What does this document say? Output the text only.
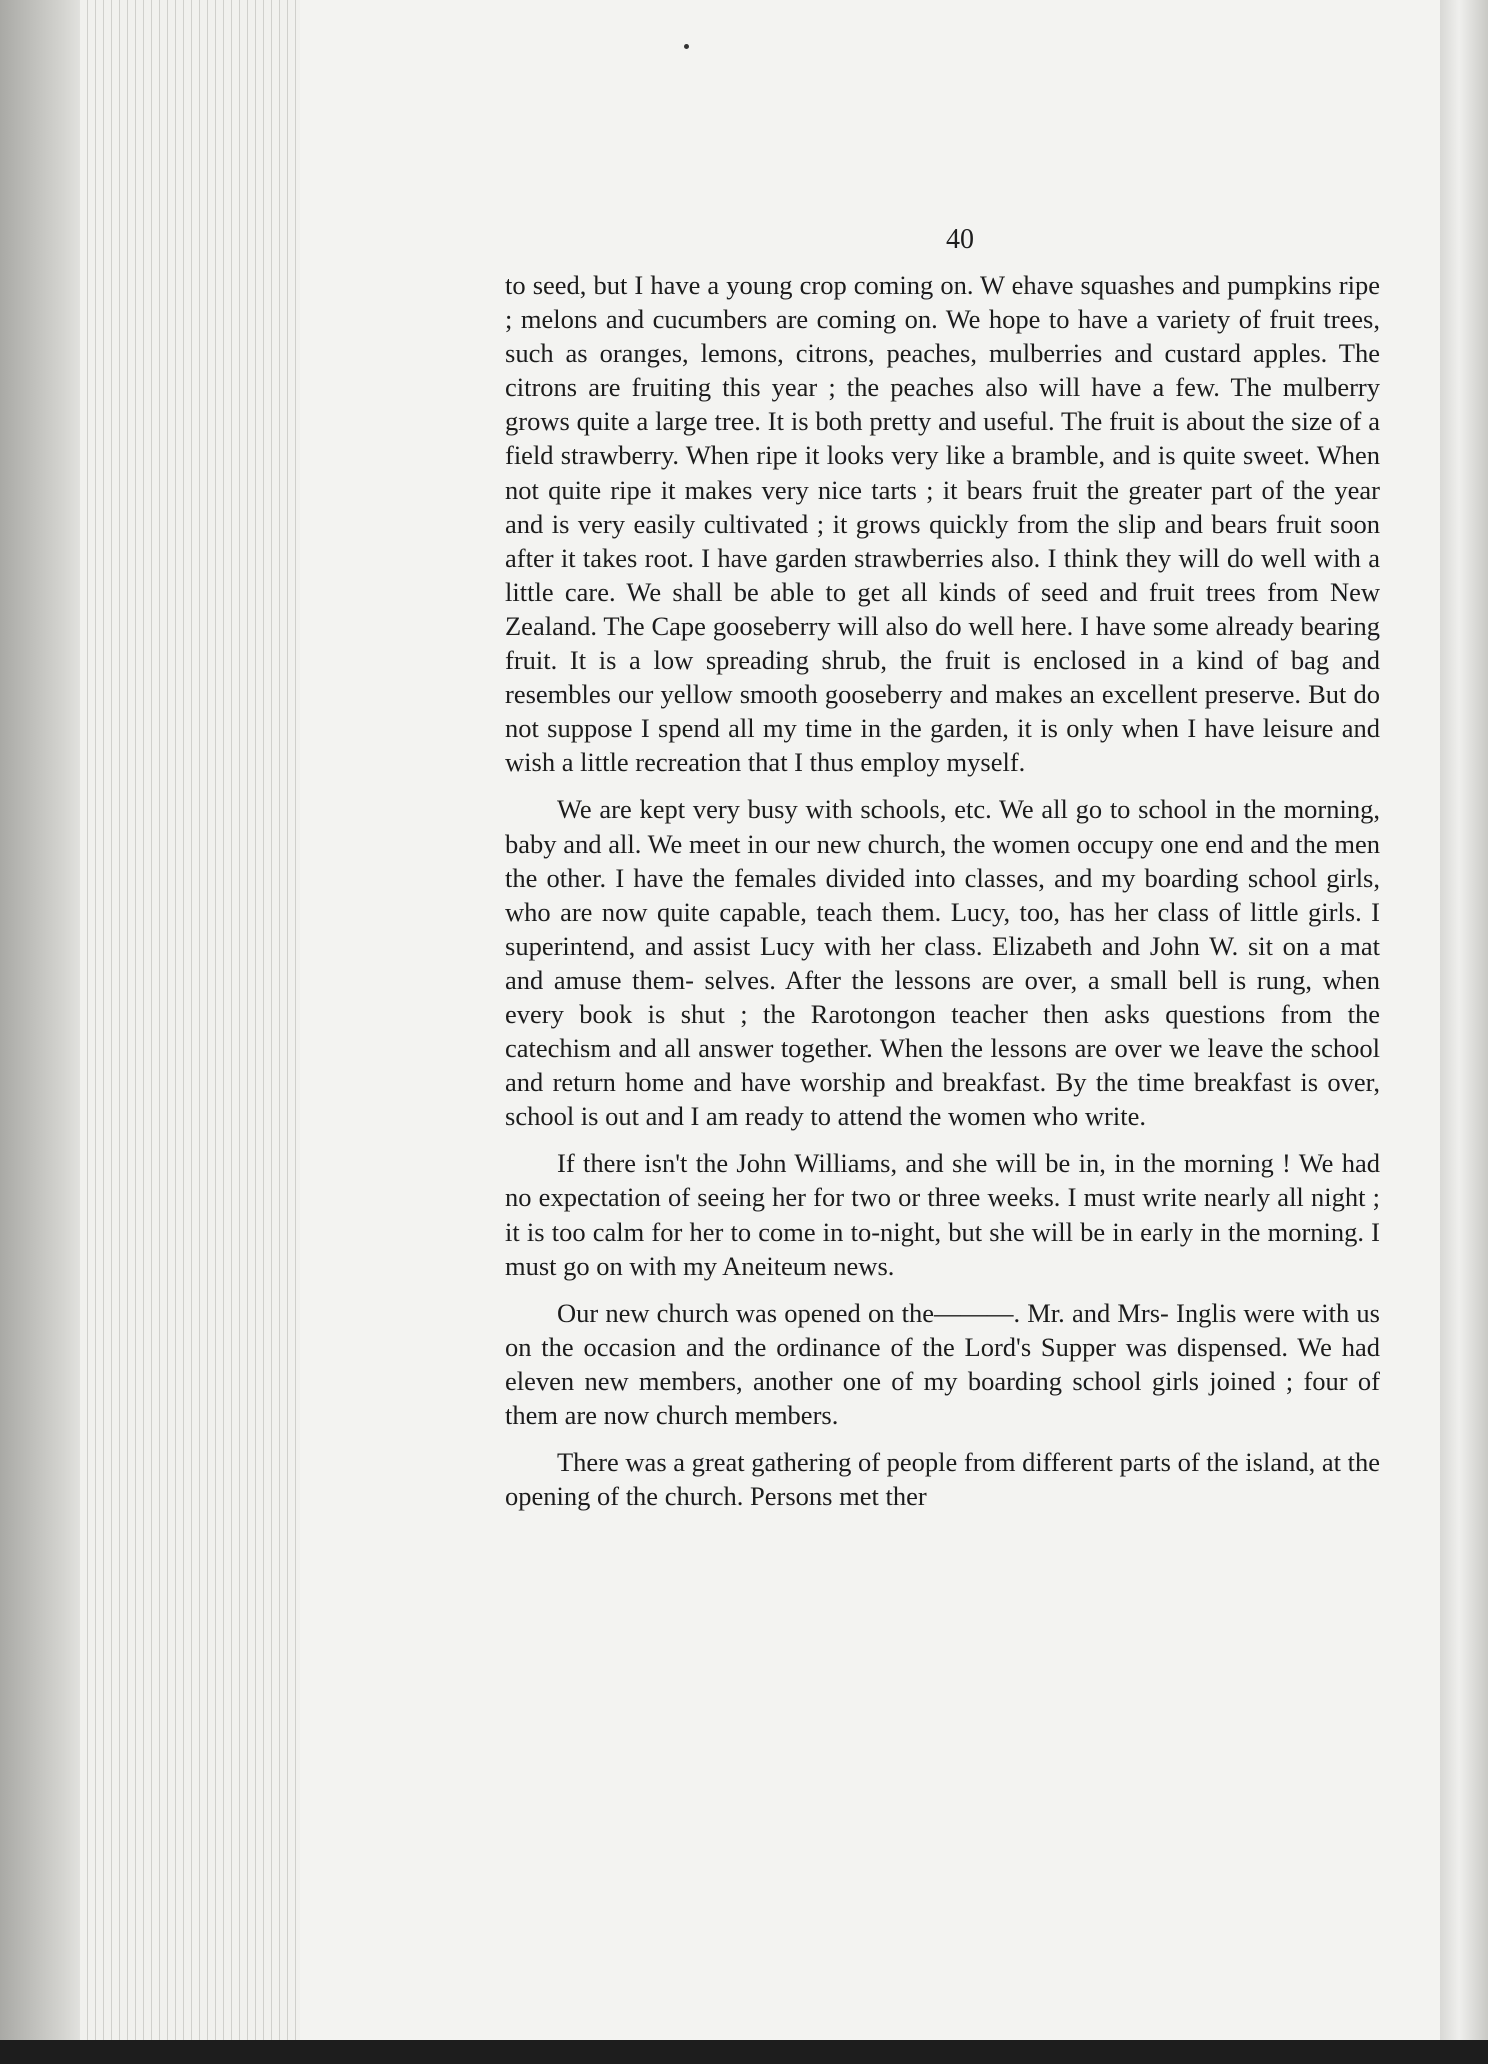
40

to seed, but I have a young crop coming on. W ehave squashes and pumpkins ripe ; melons and cucumbers are coming on. We hope to have a variety of fruit trees, such as oranges, lemons, citrons, peaches, mulberries and custard apples. The citrons are fruiting this year ; the peaches also will have a few. The mulberry grows quite a large tree. It is both pretty and useful. The fruit is about the size of a field strawberry. When ripe it looks very like a bramble, and is quite sweet. When not quite ripe it makes very nice tarts ; it bears fruit the greater part of the year and is very easily cultivated ; it grows quickly from the slip and bears fruit soon after it takes root. I have garden strawberries also. I think they will do well with a little care. We shall be able to get all kinds of seed and fruit trees from New Zealand. The Cape gooseberry will also do well here. I have some already bearing fruit. It is a low spreading shrub, the fruit is enclosed in a kind of bag and resembles our yellow smooth gooseberry and makes an excellent preserve. But do not suppose I spend all my time in the garden, it is only when I have leisure and wish a little recreation that I thus employ myself.

We are kept very busy with schools, etc. We all go to school in the morning, baby and all. We meet in our new church, the women occupy one end and the men the other. I have the females divided into classes, and my boarding school girls, who are now quite capable, teach them. Lucy, too, has her class of little girls. I superintend, and assist Lucy with her class. Elizabeth and John W. sit on a mat and amuse them- selves. After the lessons are over, a small bell is rung, when every book is shut ; the Rarotongon teacher then asks questions from the catechism and all answer together. When the lessons are over we leave the school and return home and have worship and breakfast. By the time breakfast is over, school is out and I am ready to attend the women who write.

If there isn't the John Williams, and she will be in, in the morning ! We had no expectation of seeing her for two or three weeks. I must write nearly all night ; it is too calm for her to come in to-night, but she will be in early in the morning. I must go on with my Aneiteum news.

Our new church was opened on the———. Mr. and Mrs- Inglis were with us on the occasion and the ordinance of the Lord's Supper was dispensed. We had eleven new members, another one of my boarding school girls joined ; four of them are now church members.

There was a great gathering of people from different parts of the island, at the opening of the church. Persons met ther
